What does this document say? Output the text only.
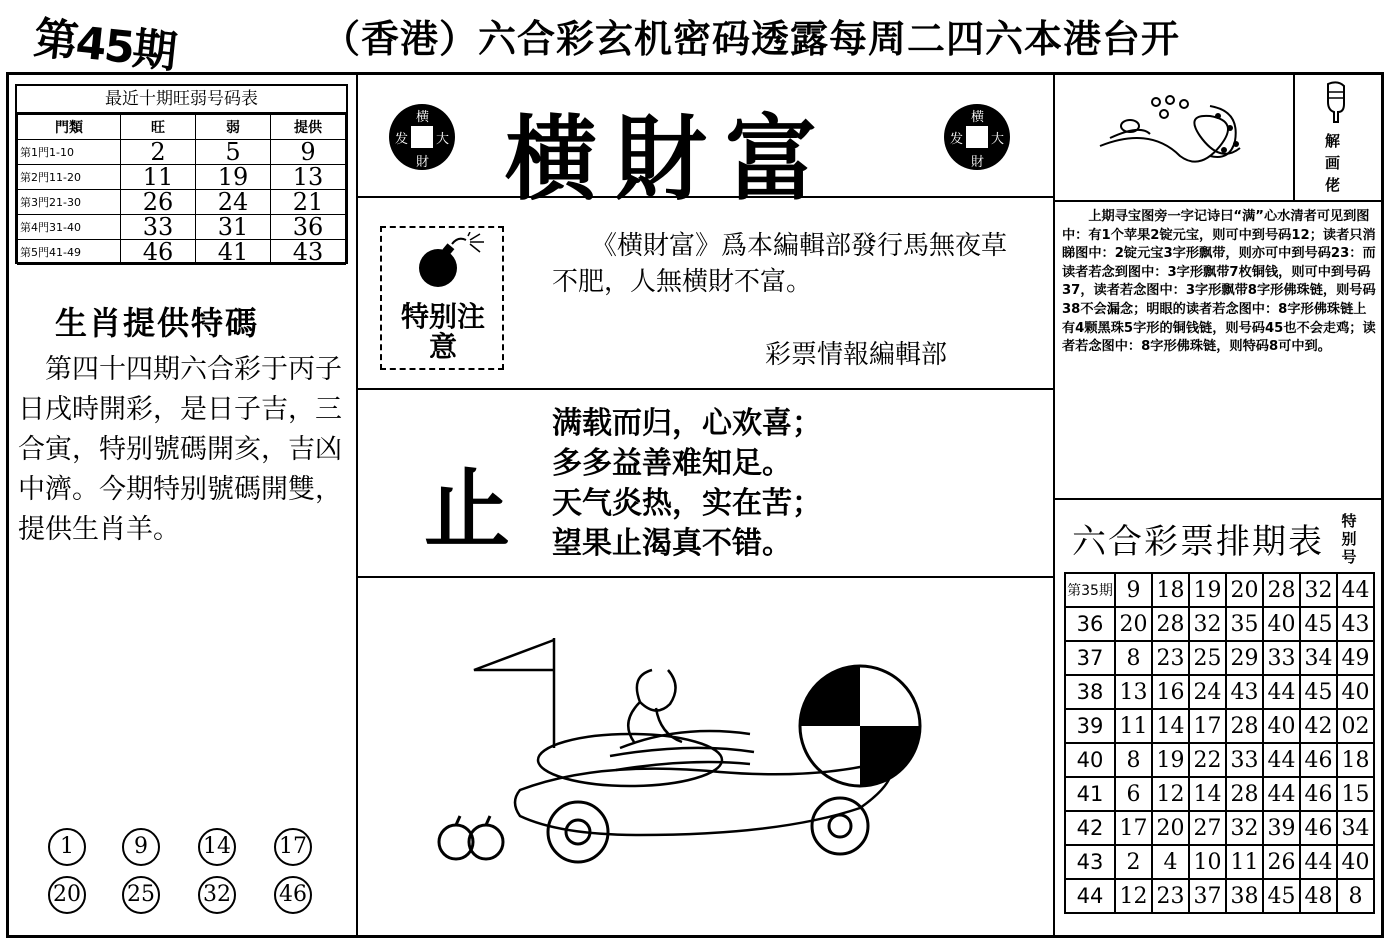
第45期	（香港）六合彩玄机密码透露每周二四六本港台开
最近十期旺弱号码表
門類	旺	弱	提供
第1門1-10	2	5	9
第2門11-20	11	19	13
第3門21-30	26	24	21
第4門31-40	33	31	36
第5門41-49	46	41	43
生肖提供特碼
　第四十四期六合彩于丙子日戌時開彩，是日子吉，三合寅，特别號碼開亥，吉凶中濟。今期特别號碼開雙，提供生肖羊。
1	9	14 17
20 25 32 46
横
大
財
发 横財富	横
大
財
发
特别注意
　　《横財富》爲本編輯部發行馬無夜草不肥，人無横財不富。
彩票情報編輯部
止
满载而归，心欢喜；
多多益善难知足。
天气炎热，实在苦；
望果止渴真不错。
解画佬
　　上期寻宝图旁一字记诗曰“满”心水清者可见到图中：有1个苹果2锭元宝，则可中到号码12；读者只消睇图中：2锭元宝3字形飘带，则亦可中到号码23：而读者若念到图中：3字形飘带7枚铜钱，则可中到号码37，读者若念图中：3字形飘带8字形佛珠链，则号码38不会漏念；明眼的读者若念图中：8字形佛珠链上有4颗黑珠5字形的铜钱链，则号码45也不会走鸡；读者若念图中：8字形佛珠链，则特码8可中到。
六合彩票排期表
特别号
第35期	9	18	19	20	28	32	44
36	20	28	32	35	40	45	43
37	8	23	25	29	33	34	49
38	13	16	24	43	44	45	40
39	11	14	17	28	40	42	02
40	8	19	22	33	44	46	18
41	6	12	14	28	44	46	15
42	17	20	27	32	39	46	34
43	2	4	10	11	26	44	40
44	12	23	37	38	45	48	8
